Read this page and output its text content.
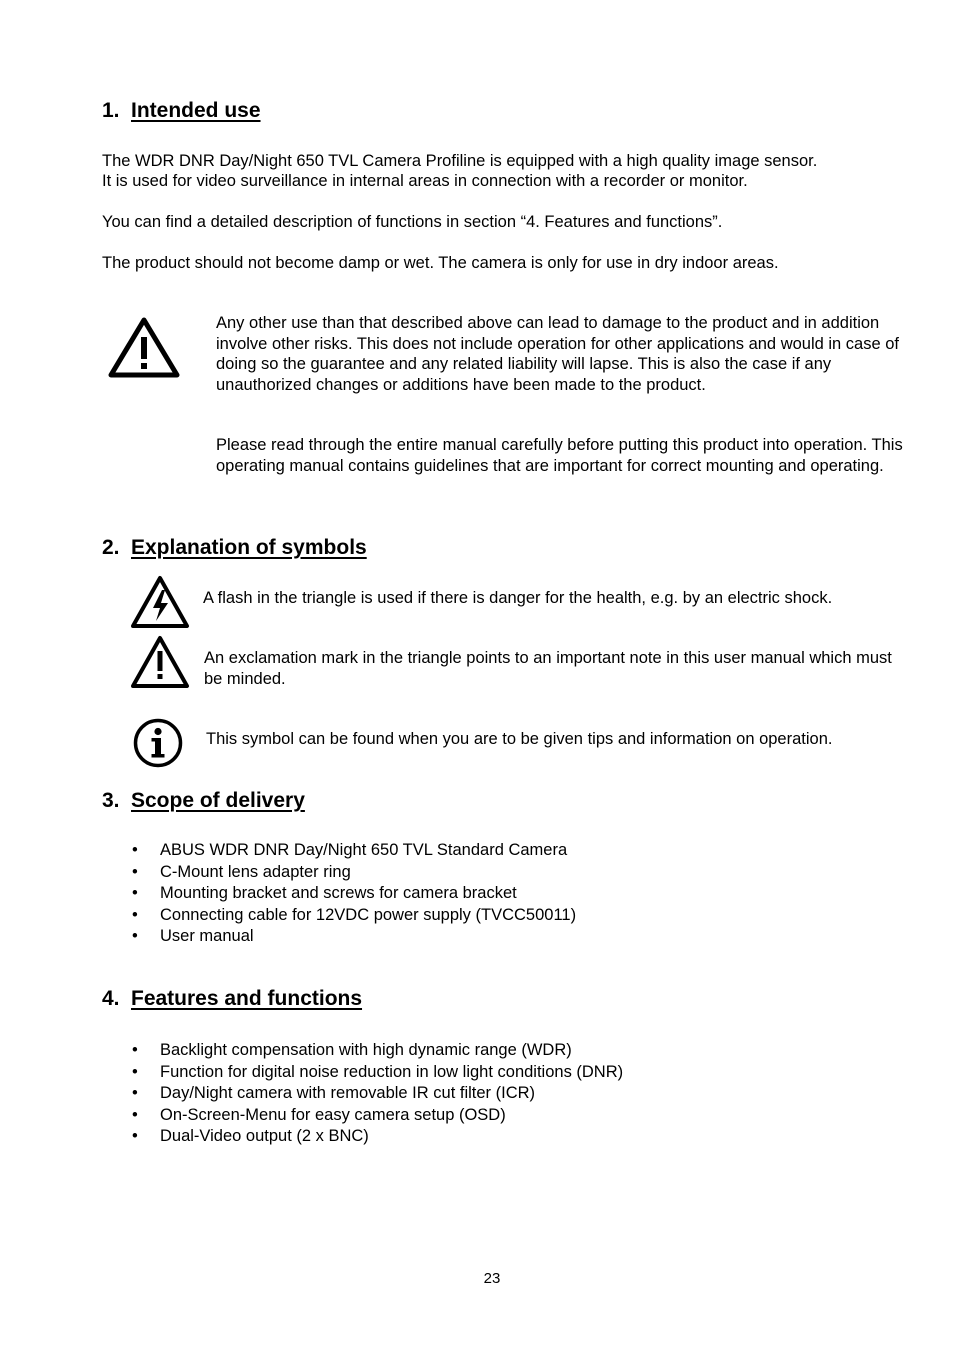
1. Intended use
The WDR DNR Day/Night 650 TVL Camera Profiline is equipped with a high quality image sensor.
It is used for video surveillance in internal areas in connection with a recorder or monitor.
You can find a detailed description of functions in section “4. Features and functions”.
The product should not become damp or wet. The camera is only for use in dry indoor areas.
Any other use than that described above can lead to damage to the product and in addition involve other risks. This does not include operation for other applications and would in case of doing so the guarantee and any related liability will lapse. This is also the case if any unauthorized changes or additions have been made to the product.
Please read through the entire manual carefully before putting this product into operation. This operating manual contains guidelines that are important for correct mounting and operating.
2. Explanation of symbols
A flash in the triangle is used if there is danger for the health, e.g. by an electric shock.
An exclamation mark in the triangle points to an important note in this user manual which must be minded.
This symbol can be found when you are to be given tips and information on operation.
3. Scope of delivery
• ABUS WDR DNR Day/Night 650 TVL Standard Camera
• C-Mount lens adapter ring
• Mounting bracket and screws for camera bracket
• Connecting cable for 12VDC power supply (TVCC50011)
• User manual
4. Features and functions
• Backlight compensation with high dynamic range (WDR)
• Function for digital noise reduction in low light conditions (DNR)
• Day/Night camera with removable IR cut filter (ICR)
• On-Screen-Menu for easy camera setup (OSD)
• Dual-Video output (2 x BNC)
23
